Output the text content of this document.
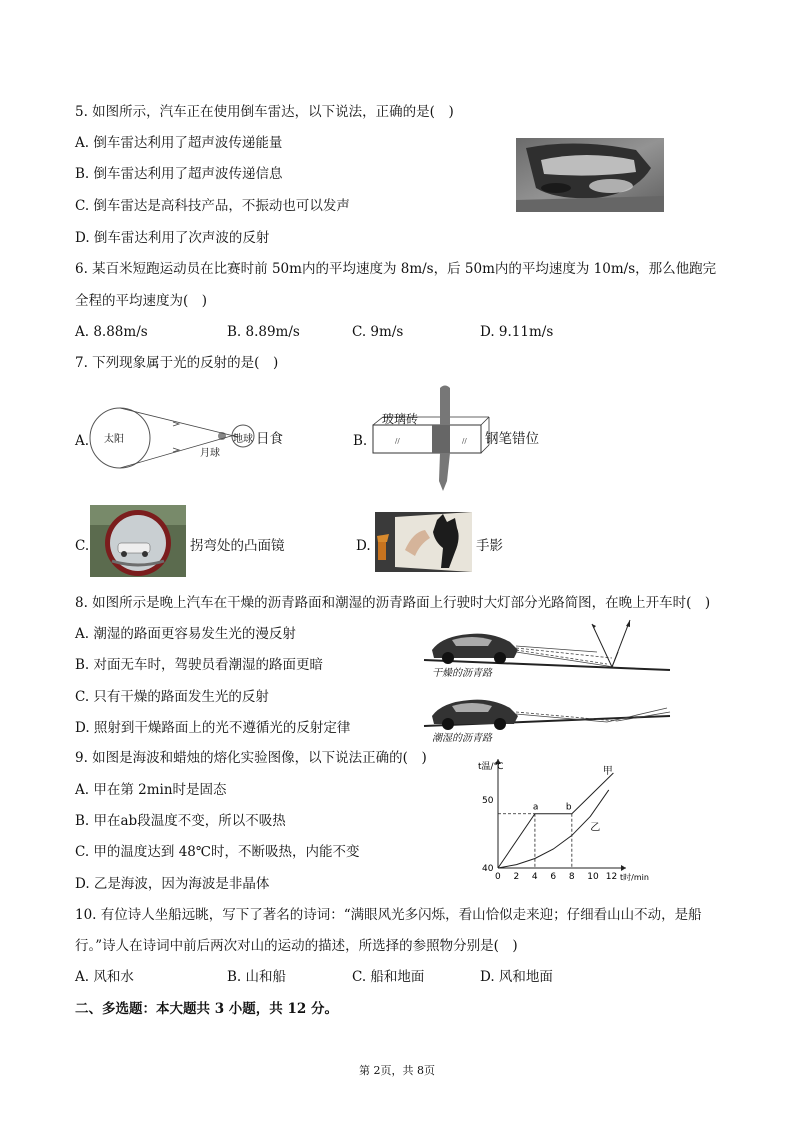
5. 如图所示，汽车正在使用倒车雷达，以下说法，正确的是(　)
A. 倒车雷达利用了超声波传递能量
B. 倒车雷达利用了超声波传递信息
C. 倒车雷达是高科技产品，不振动也可以发声
D. 倒车雷达利用了次声波的反射
6. 某百米短跑运动员在比赛时前 50m内的平均速度为 8m/s，后 50m内的平均速度为 10m/s，那么他跑完
全程的平均速度为(　)
A. 8.88m/s	B. 8.89m/s	C. 9m/s	D. 9.11m/s
7. 下列现象属于光的反射的是(　)
A. 太阳
月球
地球 日食	B.	//	//
玻璃砖
钢笔错位
C.	拐弯处的凸面镜	D.	手影
8. 如图所示是晚上汽车在干燥的沥青路面和潮湿的沥青路面上行驶时大灯部分光路简图，在晚上开车时(　)
A. 潮湿的路面更容易发生光的漫反射
B. 对面无车时，驾驶员看潮湿的路面更暗
C. 只有干燥的路面发生光的反射
D. 照射到干燥路面上的光不遵循光的反射定律
干燥的沥青路
潮湿的沥青路
9. 如图是海波和蜡烛的熔化实验图像，以下说法正确的(　)
A. 甲在第 2min时是固态
B. 甲在ab段温度不变，所以不吸热
C. 甲的温度达到 48℃时，不断吸热，内能不变
D. 乙是海波，因为海波是非晶体
t温/℃
t时/min
0 2 4 6 8 10 12
40
50
a	b
甲
乙
10. 有位诗人坐船远眺，写下了著名的诗词：“满眼风光多闪烁，看山恰似走来迎；仔细看山山不动，是船
行。”诗人在诗词中前后两次对山的运动的描述，所选择的参照物分别是(　)
A. 风和水	B. 山和船	C. 船和地面	D. 风和地面
二、多选题：本大题共 3 小题，共 12 分。
第 2页，共 8页
